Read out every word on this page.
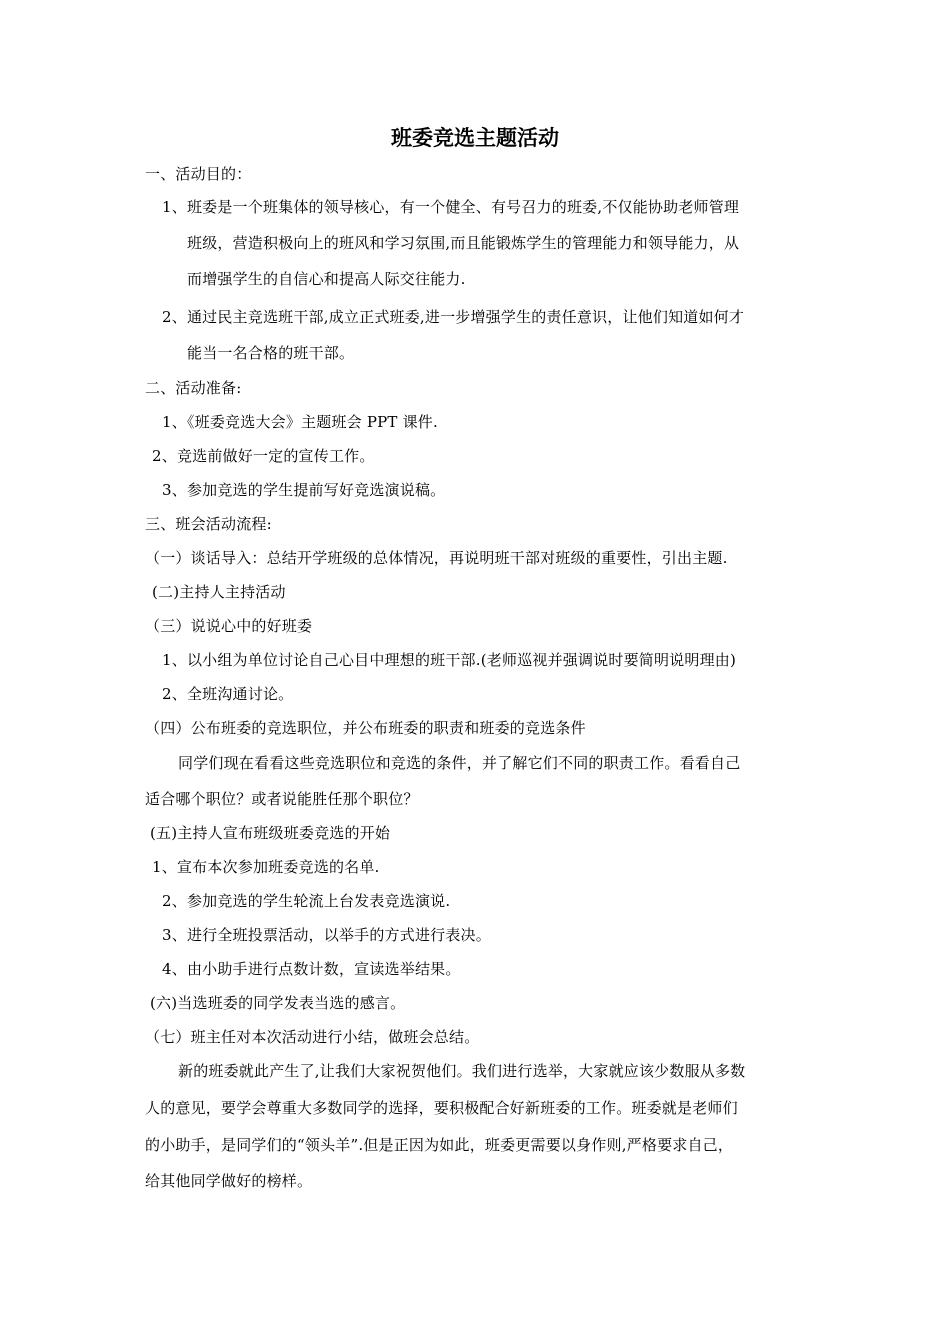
班委竞选主题活动
一、活动目的：
1、班委是一个班集体的领导核心，有一个健全、有号召力的班委,不仅能协助老师管理
班级，营造积极向上的班风和学习氛围,而且能锻炼学生的管理能力和领导能力，从
而增强学生的自信心和提高人际交往能力.
2、通过民主竞选班干部,成立正式班委,进一步增强学生的责任意识，让他们知道如何才
能当一名合格的班干部。
二、活动准备:
1、《班委竞选大会》主题班会 PPT 课件.
2、竞选前做好一定的宣传工作。
3、参加竞选的学生提前写好竞选演说稿。
三、班会活动流程:
（一）谈话导入：总结开学班级的总体情况，再说明班干部对班级的重要性，引出主题.
(二)主持人主持活动
（三）说说心中的好班委
1、以小组为单位讨论自己心目中理想的班干部.(老师巡视并强调说时要简明说明理由)
2、全班沟通讨论。
（四）公布班委的竞选职位，并公布班委的职责和班委的竞选条件
同学们现在看看这些竞选职位和竞选的条件，并了解它们不同的职责工作。看看自己
适合哪个职位？或者说能胜任那个职位？
(五)主持人宣布班级班委竞选的开始
1、宣布本次参加班委竞选的名单.
2、参加竞选的学生轮流上台发表竞选演说.
3、进行全班投票活动，以举手的方式进行表决。
4、由小助手进行点数计数，宣读选举结果。
(六)当选班委的同学发表当选的感言。
（七）班主任对本次活动进行小结，做班会总结。
新的班委就此产生了,让我们大家祝贺他们。我们进行选举，大家就应该少数服从多数
人的意见，要学会尊重大多数同学的选择，要积极配合好新班委的工作。班委就是老师们
的小助手，是同学们的“领头羊”.但是正因为如此，班委更需要以身作则,严格要求自己，
给其他同学做好的榜样。
